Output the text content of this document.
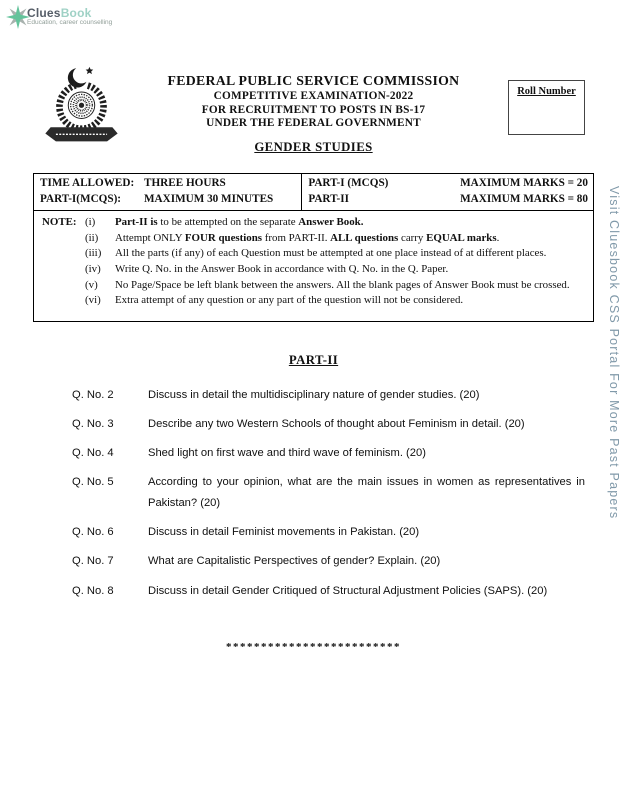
CluesBook
Education, career counselling
Visit Cluesbook CSS Portal For More Past Papers
Roll Number
FEDERAL PUBLIC SERVICE COMMISSION
COMPETITIVE EXAMINATION-2022
FOR RECRUITMENT TO POSTS IN BS-17
UNDER THE FEDERAL GOVERNMENT
GENDER STUDIES
TIME ALLOWED: THREE HOURS
PART-I(MCQS):	MAXIMUM 30 MINUTES
PART-I (MCQS)	MAXIMUM MARKS = 20
PART-II	MAXIMUM MARKS = 80
NOTE: (i)	Part-II is to be attempted on the separate Answer Book.
(ii)	Attempt ONLY FOUR questions from PART-II. ALL questions carry EQUAL marks.
(iii)	All the parts (if any) of each Question must be attempted at one place instead of at different places.
(iv)	Write Q. No. in the Answer Book in accordance with Q. No. in the Q. Paper.
(v)	No Page/Space be left blank between the answers. All the blank pages of Answer Book must be crossed.
(vi)	Extra attempt of any question or any part of the question will not be considered.
PART-II
Q. No. 2	Discuss in detail the multidisciplinary nature of gender studies. (20)
Q. No. 3	Describe any two Western Schools of thought about Feminism in detail. (20)
Q. No. 4	Shed light on first wave and third wave of feminism. (20)
Q. No. 5	According to your opinion, what are the main issues in women as representatives in Pakistan? (20)
Q. No. 6	Discuss in detail Feminist movements in Pakistan. (20)
Q. No. 7	What are Capitalistic Perspectives of gender? Explain. (20)
Q. No. 8	Discuss in detail Gender Critiqued of Structural Adjustment Policies (SAPS). (20)
*************************
